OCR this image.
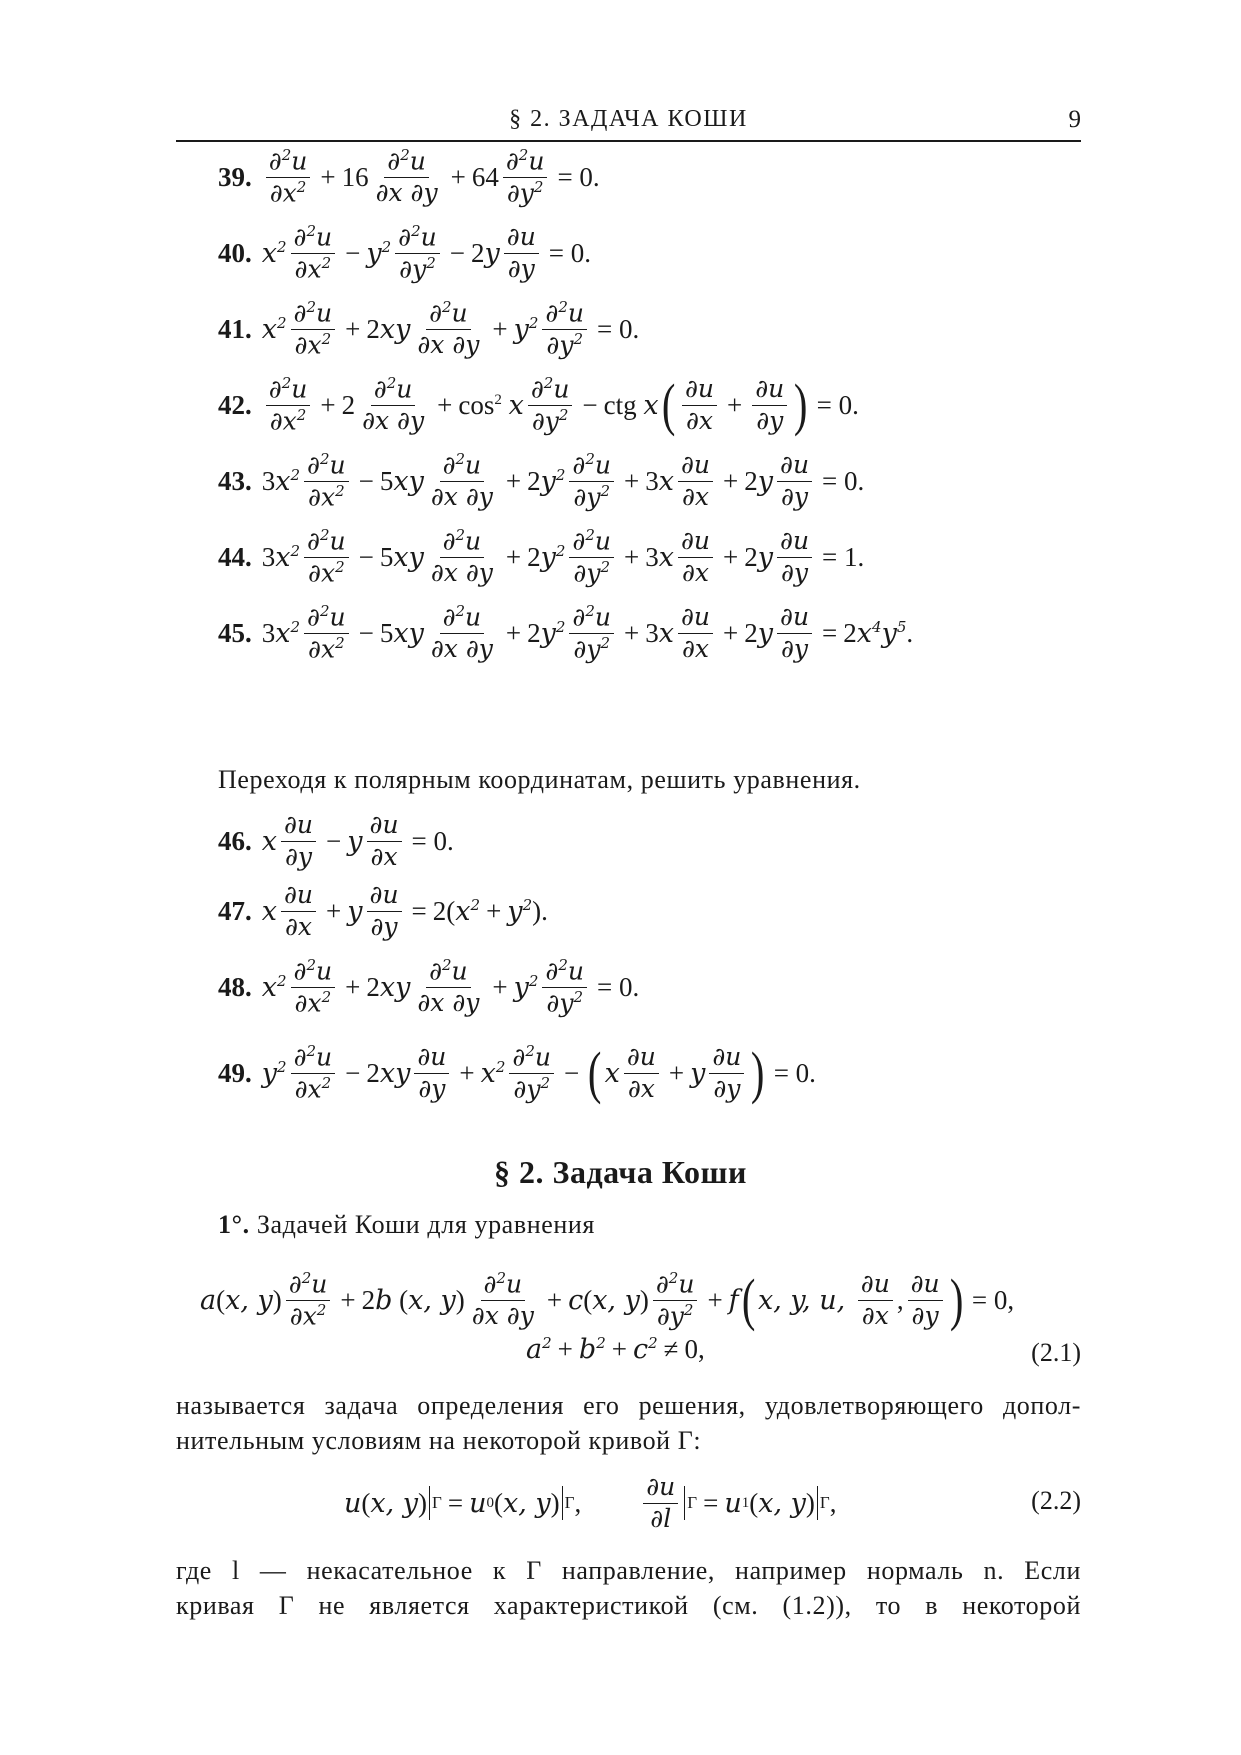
§ 2. ЗАДАЧА КОШИ	9
39. $\frac{\partial^2u}{\partial x^2} + 16 \frac{\partial^2u}{\partial x \partial y} + 64 \frac{\partial^2u}{\partial y^2} = 0$.
40. $x^2 \frac{\partial^2u}{\partial x^2} - y^2 \frac{\partial^2u}{\partial y^2} - 2$ y $\frac{\partial u}{\partial y} = 0$.
41. $x^2 \frac{\partial^2u}{\partial x^2} + 2$ xy $\frac{\partial^2u}{\partial x \partial y} + y^2 \frac{\partial^2u}{\partial y^2} = 0$.
42. $\frac{\partial^2u}{\partial x^2} + 2 \frac{\partial^2u}{\partial x \partial y} + \cos^2 x \frac{\partial^2u}{\partial y^2}$ − ctg x ( $\frac{\partial u}{\partial x} + \frac{\partial u}{\partial y}$ ) = 0.
43. 3 $x^2 \frac{\partial^2u}{\partial x^2} - 5$ xy $\frac{\partial^2u}{\partial x \partial y} + 2$ $y^2 \frac{\partial^2u}{\partial y^2} + 3$ x $\frac{\partial u}{\partial x} + 2$ y $\frac{\partial u}{\partial y} = 0$.
44. 3 $x^2 \frac{\partial^2u}{\partial x^2} - 5$ xy $\frac{\partial^2u}{\partial x \partial y} + 2$ $y^2 \frac{\partial^2u}{\partial y^2} + 3$ x $\frac{\partial u}{\partial x} + 2$ y $\frac{\partial u}{\partial y} = 1$.
45. 3 $x^2 \frac{\partial^2u}{\partial x^2} - 5$ xy $\frac{\partial^2u}{\partial x \partial y} + 2$ $y^2 \frac{\partial^2u}{\partial y^2} + 3$ x $\frac{\partial u}{\partial x} + 2$ y $\frac{\partial u}{\partial y} = 2$ $x^4y^5$ .
Переходя к полярным координатам, решить уравнения.
46. x $\frac{\partial u}{\partial y} - y \frac{\partial u}{\partial x} = 0$.
47. x $\frac{\partial u}{\partial x} + y \frac{\partial u}{\partial y} = 2$( $x^2 + y^2$ ).
48. $x^2 \frac{\partial^2u}{\partial x^2} + 2$ xy $\frac{\partial^2u}{\partial x \partial y} + y^2 \frac{\partial^2u}{\partial y^2} = 0$.
49. $y^2 \frac{\partial^2u}{\partial x^2} - 2$ xy $\frac{\partial u}{\partial y} + x^2 \frac{\partial^2u}{\partial y^2}$ − ( x $\frac{\partial u}{\partial x} + y \frac{\partial u}{\partial y}$ ) = 0.
§ 2. Задача Коши
1°. Задачей Коши для уравнения
a ( x, y ) $\frac{\partial^2u}{\partial x^2} + 2$ b ( x, y ) $\frac{\partial^2u}{\partial x \partial y} + c$ ( x, y ) $\frac{\partial^2u}{\partial y^2} + f$ ( x, y, u, $\frac{\partial u}{\partial x}$ , $\frac{\partial u}{\partial y}$ ) = 0,
$a^2 + b^2 + c^2 \ne 0$,	(2.1)
называется задача определения его решения, удовлетворяющего допол-
нительным условиям на некоторой кривой Γ:
u ( x, y ) Γ = u 0 ( x, y ) Γ , $\frac{\partial u}{\partial l}$ Γ = u 1 ( x, y ) Γ ,	(2.2)
где l — некасательное к Γ направление, например нормаль n. Если
кривая Γ не является характеристикой (см. (1.2)), то в некоторой
